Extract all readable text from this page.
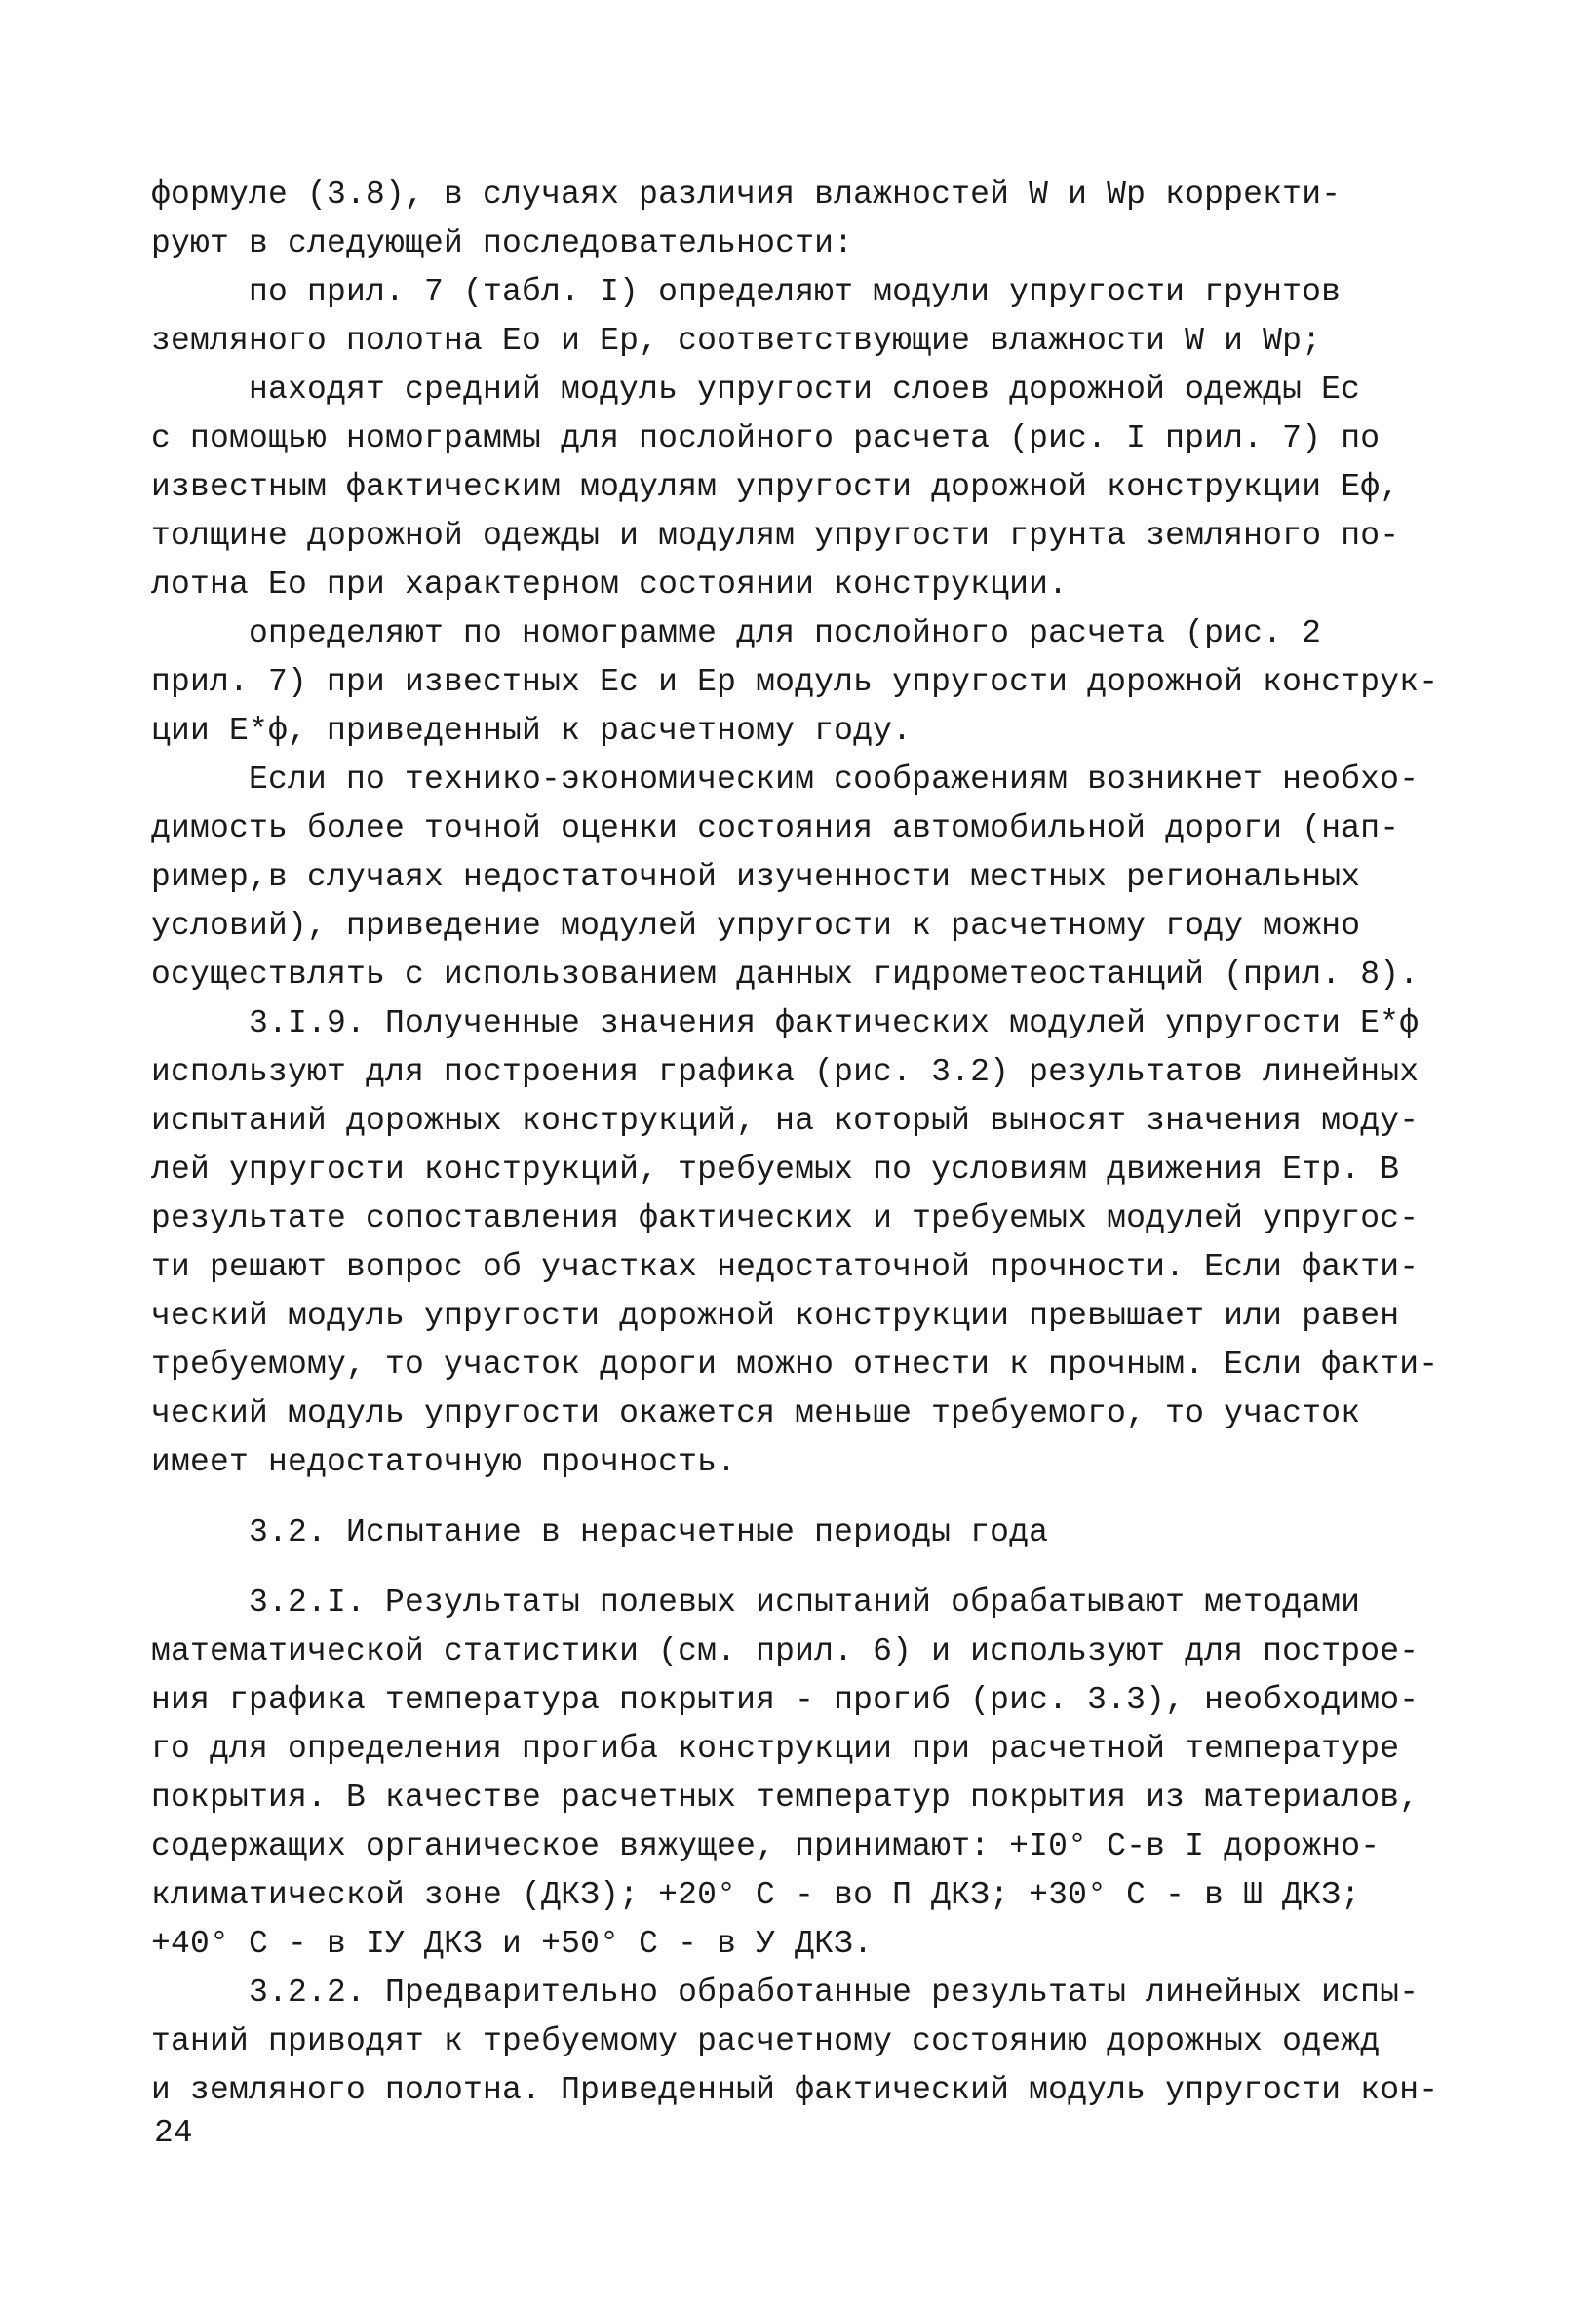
формуле (3.8), в случаях различия влажностей W и Wp корректи-
руют в следующей последовательности:
по прил. 7 (табл. I) определяют модули упругости грунтов
земляного полотна Eo и Ep, соответствующие влажности W и Wp;
находят средний модуль упругости слоев дорожной одежды Ec
с помощью номограммы для послойного расчета (рис. I прил. 7) по
известным фактическим модулям упругости дорожной конструкции Eф,
толщине дорожной одежды и модулям упругости грунта земляного по-
лотна Eo при характерном состоянии конструкции.
определяют по номограмме для послойного расчета (рис. 2
прил. 7) при известных Ec и Ep модуль упругости дорожной конструк-
ции E*ф, приведенный к расчетному году.
Если по технико-экономическим соображениям возникнет необхо-
димость более точной оценки состояния автомобильной дороги (нап-
ример,в случаях недостаточной изученности местных региональных
условий), приведение модулей упругости к расчетному году можно
осуществлять с использованием данных гидрометеостанций (прил. 8).
3.I.9. Полученные значения фактических модулей упругости E*ф
используют для построения графика (рис. 3.2) результатов линейных
испытаний дорожных конструкций, на который выносят значения моду-
лей упругости конструкций, требуемых по условиям движения Eтр. В
результате сопоставления фактических и требуемых модулей упругос-
ти решают вопрос об участках недостаточной прочности. Если факти-
ческий модуль упругости дорожной конструкции превышает или равен
требуемому, то участок дороги можно отнести к прочным. Если факти-
ческий модуль упругости окажется меньше требуемого, то участок
имеет недостаточную прочность.
3.2. Испытание в нерасчетные периоды года
3.2.I. Результаты полевых испытаний обрабатывают методами
математической статистики (см. прил. 6) и используют для построе-
ния графика температура покрытия - прогиб (рис. 3.3), необходимо-
го для определения прогиба конструкции при расчетной температуре
покрытия. В качестве расчетных температур покрытия из материалов,
содержащих органическое вяжущее, принимают: +I0° С-в I дорожно-
климатической зоне (ДКЗ); +20° С - во П ДКЗ; +30° С - в Ш ДКЗ;
+40° С - в IУ ДКЗ и +50° С - в У ДКЗ.
3.2.2. Предварительно обработанные результаты линейных испы-
таний приводят к требуемому расчетному состоянию дорожных одежд
и земляного полотна. Приведенный фактический модуль упругости кон-
24
